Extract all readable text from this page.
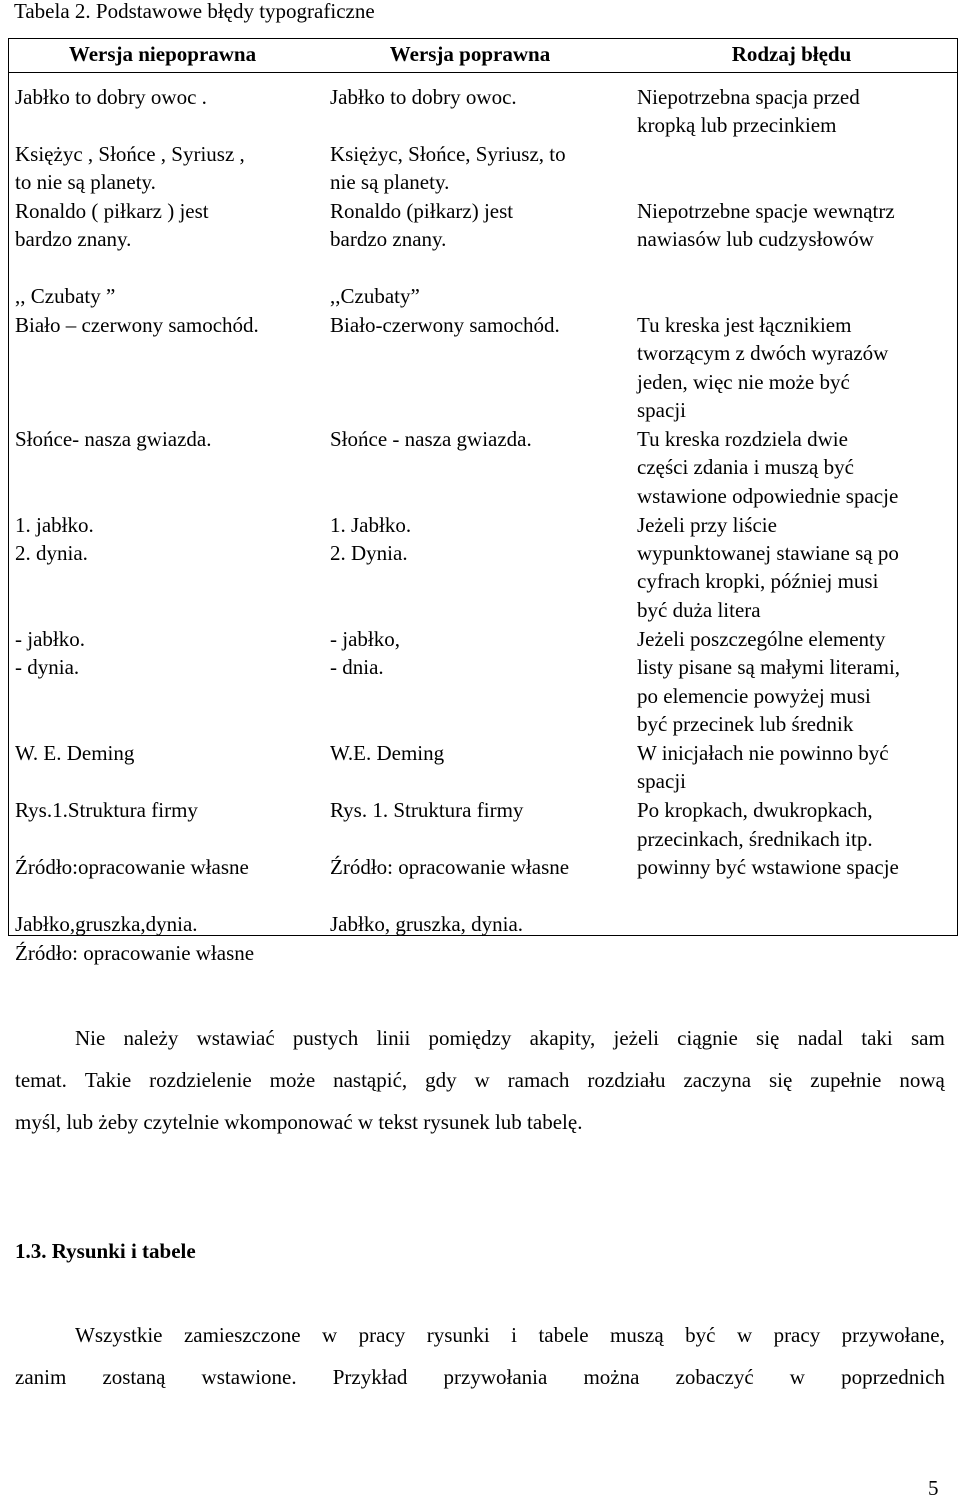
Tabela 2. Podstawowe błędy typograficzne
Wersja niepoprawna	Wersja poprawna	Rodzaj błędu
Jabłko to dobry owoc .
Księżyc , Słońce , Syriusz ,
to nie są planety.
Ronaldo ( piłkarz ) jest
bardzo znany.
,, Czubaty ”
Biało – czerwony samochód.
Słońce- nasza gwiazda.
1. jabłko.
2. dynia.
- jabłko.
- dynia.
W. E. Deming
Rys.1.Struktura firmy
Źródło:opracowanie własne
Jabłko,gruszka,dynia.
Źródło: opracowanie własne
Jabłko to dobry owoc.
Księżyc, Słońce, Syriusz, to
nie są planety.
Ronaldo (piłkarz) jest
bardzo znany.
,,Czubaty”
Biało-czerwony samochód.
Słońce - nasza gwiazda.
1. Jabłko.
2. Dynia.
- jabłko,
- dnia.
W.E. Deming
Rys. 1. Struktura firmy
Źródło: opracowanie własne
Jabłko, gruszka, dynia.
Niepotrzebna spacja przed
kropką lub przecinkiem
Niepotrzebne spacje wewnątrz
nawiasów lub cudzysłowów
Tu kreska jest łącznikiem
tworzącym z dwóch wyrazów
jeden, więc nie może być
spacji
Tu kreska rozdziela dwie
części zdania i muszą być
wstawione odpowiednie spacje
Jeżeli przy liście
wypunktowanej stawiane są po
cyfrach kropki, później musi
być duża litera
Jeżeli poszczególne elementy
listy pisane są małymi literami,
po elemencie powyżej musi
być przecinek lub średnik
W inicjałach nie powinno być
spacji
Po kropkach, dwukropkach,
przecinkach, średnikach itp.
powinny być wstawione spacje
Nie należy wstawiać pustych linii pomiędzy akapity, jeżeli ciągnie się nadal taki sam
temat. Takie rozdzielenie może nastąpić, gdy w ramach rozdziału zaczyna się zupełnie nową
myśl, lub żeby czytelnie wkomponować w tekst rysunek lub tabelę.
1.3. Rysunki i tabele
Wszystkie zamieszczone w pracy rysunki i tabele muszą być w pracy przywołane,
zanim zostaną wstawione. Przykład przywołania można zobaczyć w poprzednich
5
